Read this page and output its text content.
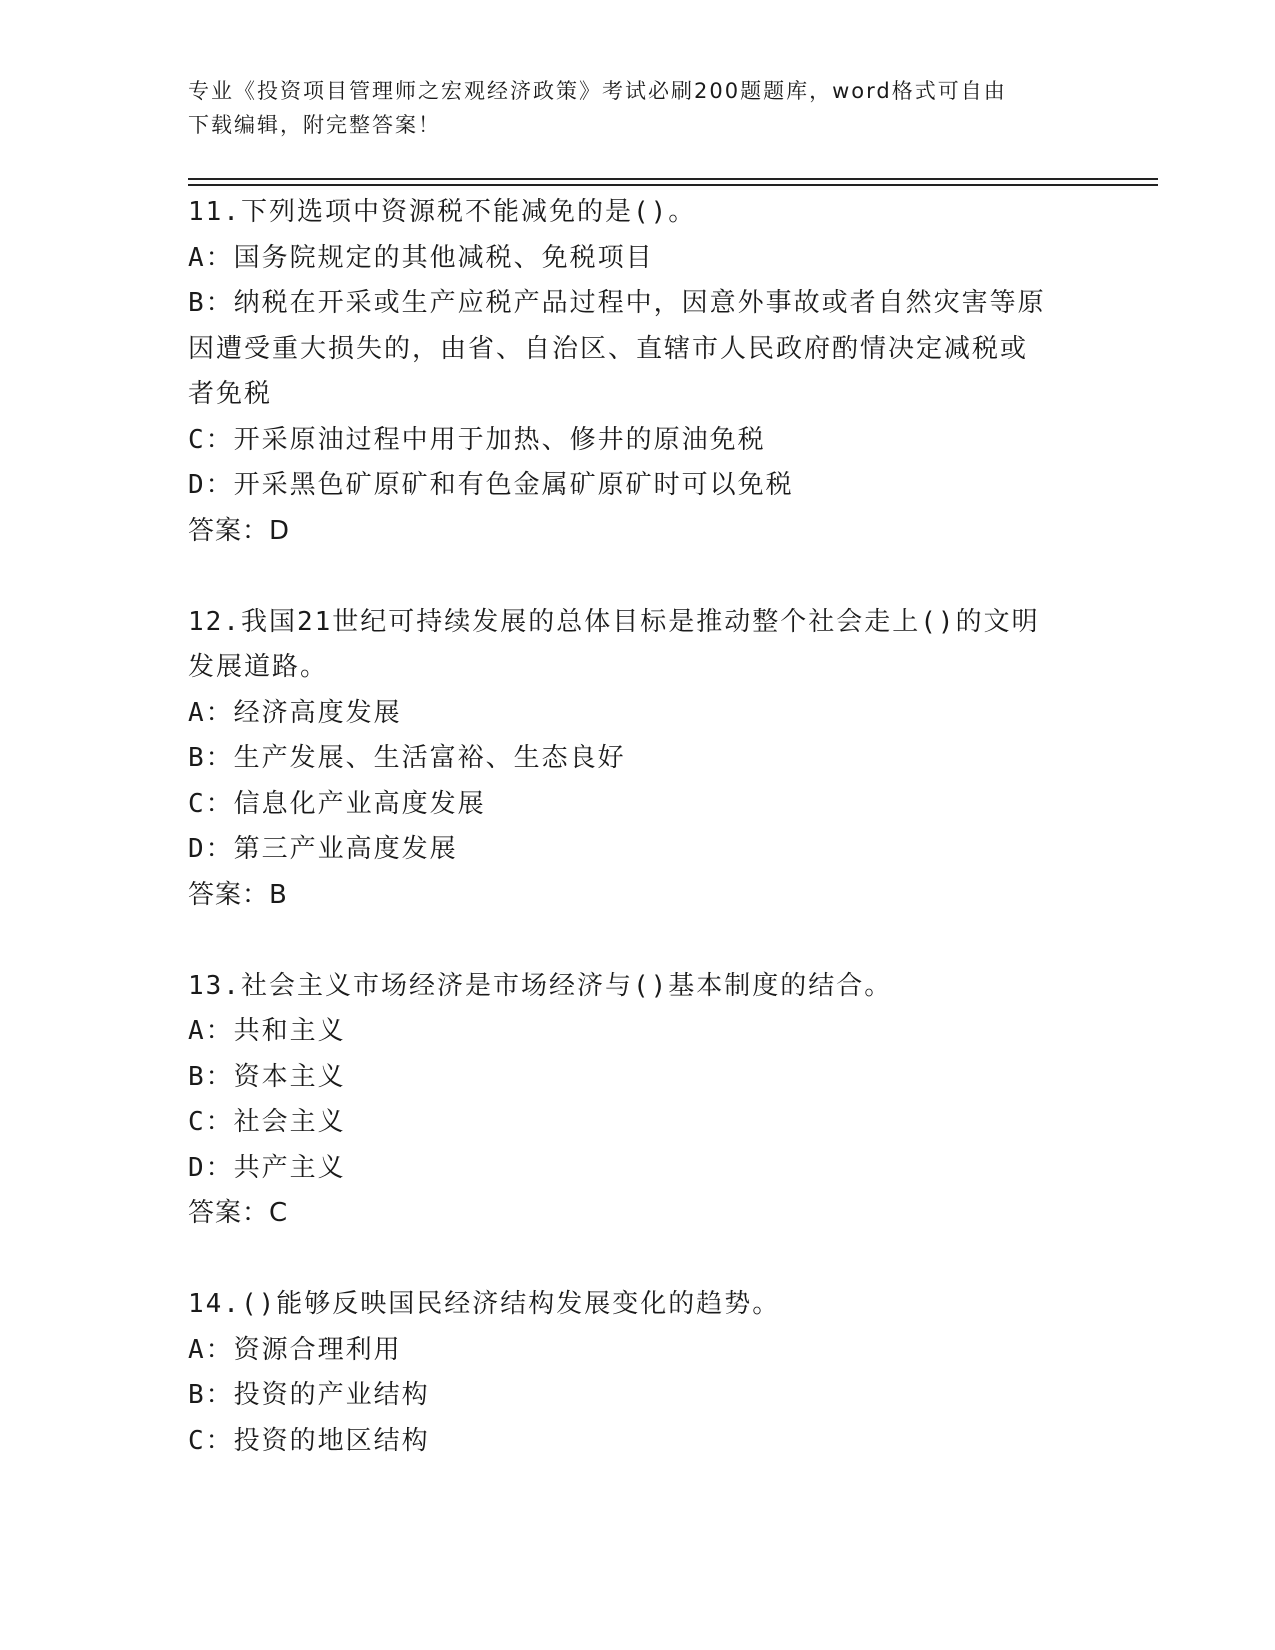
专业《投资项目管理师之宏观经济政策》考试必刷200题题库，word格式可自由
下载编辑，附完整答案！
11.下列选项中资源税不能减免的是()。
A：国务院规定的其他减税、免税项目
B：纳税在开采或生产应税产品过程中，因意外事故或者自然灾害等原
因遭受重大损失的，由省、自治区、直辖市人民政府酌情决定减税或
者免税
C：开采原油过程中用于加热、修井的原油免税
D：开采黑色矿原矿和有色金属矿原矿时可以免税
答案：D
12.我国21世纪可持续发展的总体目标是推动整个社会走上()的文明
发展道路。
A：经济高度发展
B：生产发展、生活富裕、生态良好
C：信息化产业高度发展
D：第三产业高度发展
答案：B
13.社会主义市场经济是市场经济与()基本制度的结合。
A：共和主义
B：资本主义
C：社会主义
D：共产主义
答案：C
14.()能够反映国民经济结构发展变化的趋势。
A：资源合理利用
B：投资的产业结构
C：投资的地区结构
